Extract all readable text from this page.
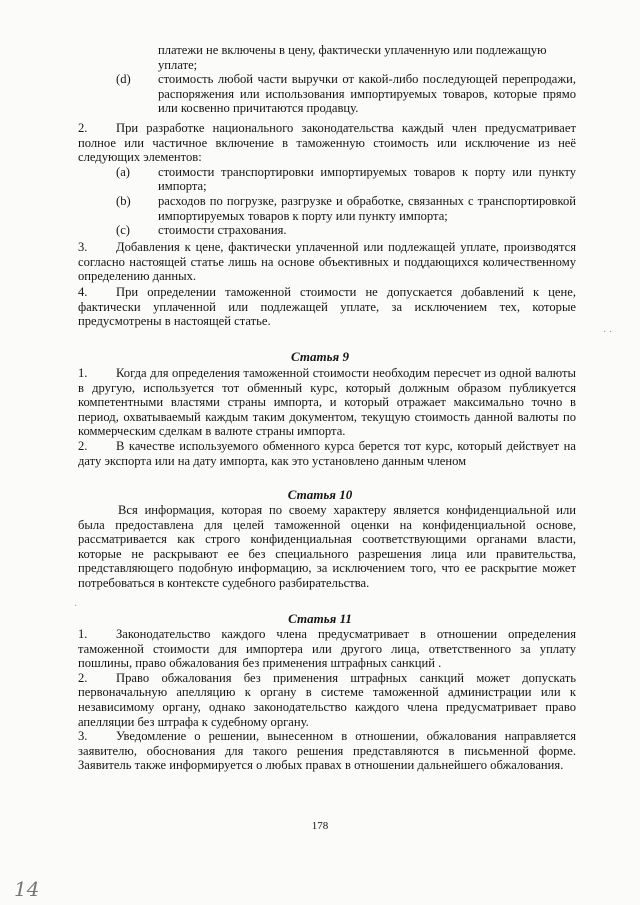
платежи не включены в цену, фактически уплаченную или подлежащую

уплате;

(d) стоимость любой части выручки от какой-либо последующей перепродажи, распоряжения или использования импортируемых товаров, которые прямо или косвенно причитаются продавцу.

2. При разработке национального законодательства каждый член предусматривает полное или частичное включение в таможенную стоимость или исключение из неё следующих элементов:

(a) стоимости транспортировки импортируемых товаров к порту или пункту импорта;

(b) расходов по погрузке, разгрузке и обработке, связанных с транспортировкой импортируемых товаров к порту или пункту импорта;

(c) стоимости страхования.

3. Добавления к цене, фактически уплаченной или подлежащей уплате, производятся согласно настоящей статье лишь на основе объективных и поддающихся количественному определению данных.

4. При определении таможенной стоимости не допускается добавлений к цене, фактически уплаченной или подлежащей уплате, за исключением тех, которые предусмотрены в настоящей статье.

Статья 9

1. Когда для определения таможенной стоимости необходим пересчет из одной валюты в другую, используется тот обменный курс, который должным образом публикуется компетентными властями страны импорта, и который отражает максимально точно в период, охватываемый каждым таким документом, текущую стоимость данной валюты по коммерческим сделкам в валюте страны импорта.

2. В качестве используемого обменного курса берется тот курс, который действует на дату экспорта или на дату импорта, как это установлено данным членом

Статья 10

Вся информация, которая по своему характеру является конфиденциальной или была предоставлена для целей таможенной оценки на конфиденциальной основе, рассматривается как строго конфиденциальная соответствующими органами власти, которые не раскрывают ее без специального разрешения лица или правительства, представляющего подобную информацию, за исключением того, что ее раскрытие может потребоваться в контексте судебного разбирательства.

Статья 11

1. Законодательство каждого члена предусматривает в отношении определения таможенной стоимости для импортера или другого лица, ответственного за уплату пошлины, право обжалования без применения штрафных санкций .

2. Право обжалования без применения штрафных санкций может допускать первоначальную апелляцию к органу в системе таможенной администрации или к независимому органу, однако законодательство каждого члена предусматривает право апелляции без штрафа к судебному органу.

3. Уведомление о решении, вынесенном в отношении, обжалования направляется заявителю, обоснования для такого решения представляются в письменной форме. Заявитель также информируется о любых правах в отношении дальнейшего обжалования.

178
14
· ·
·
